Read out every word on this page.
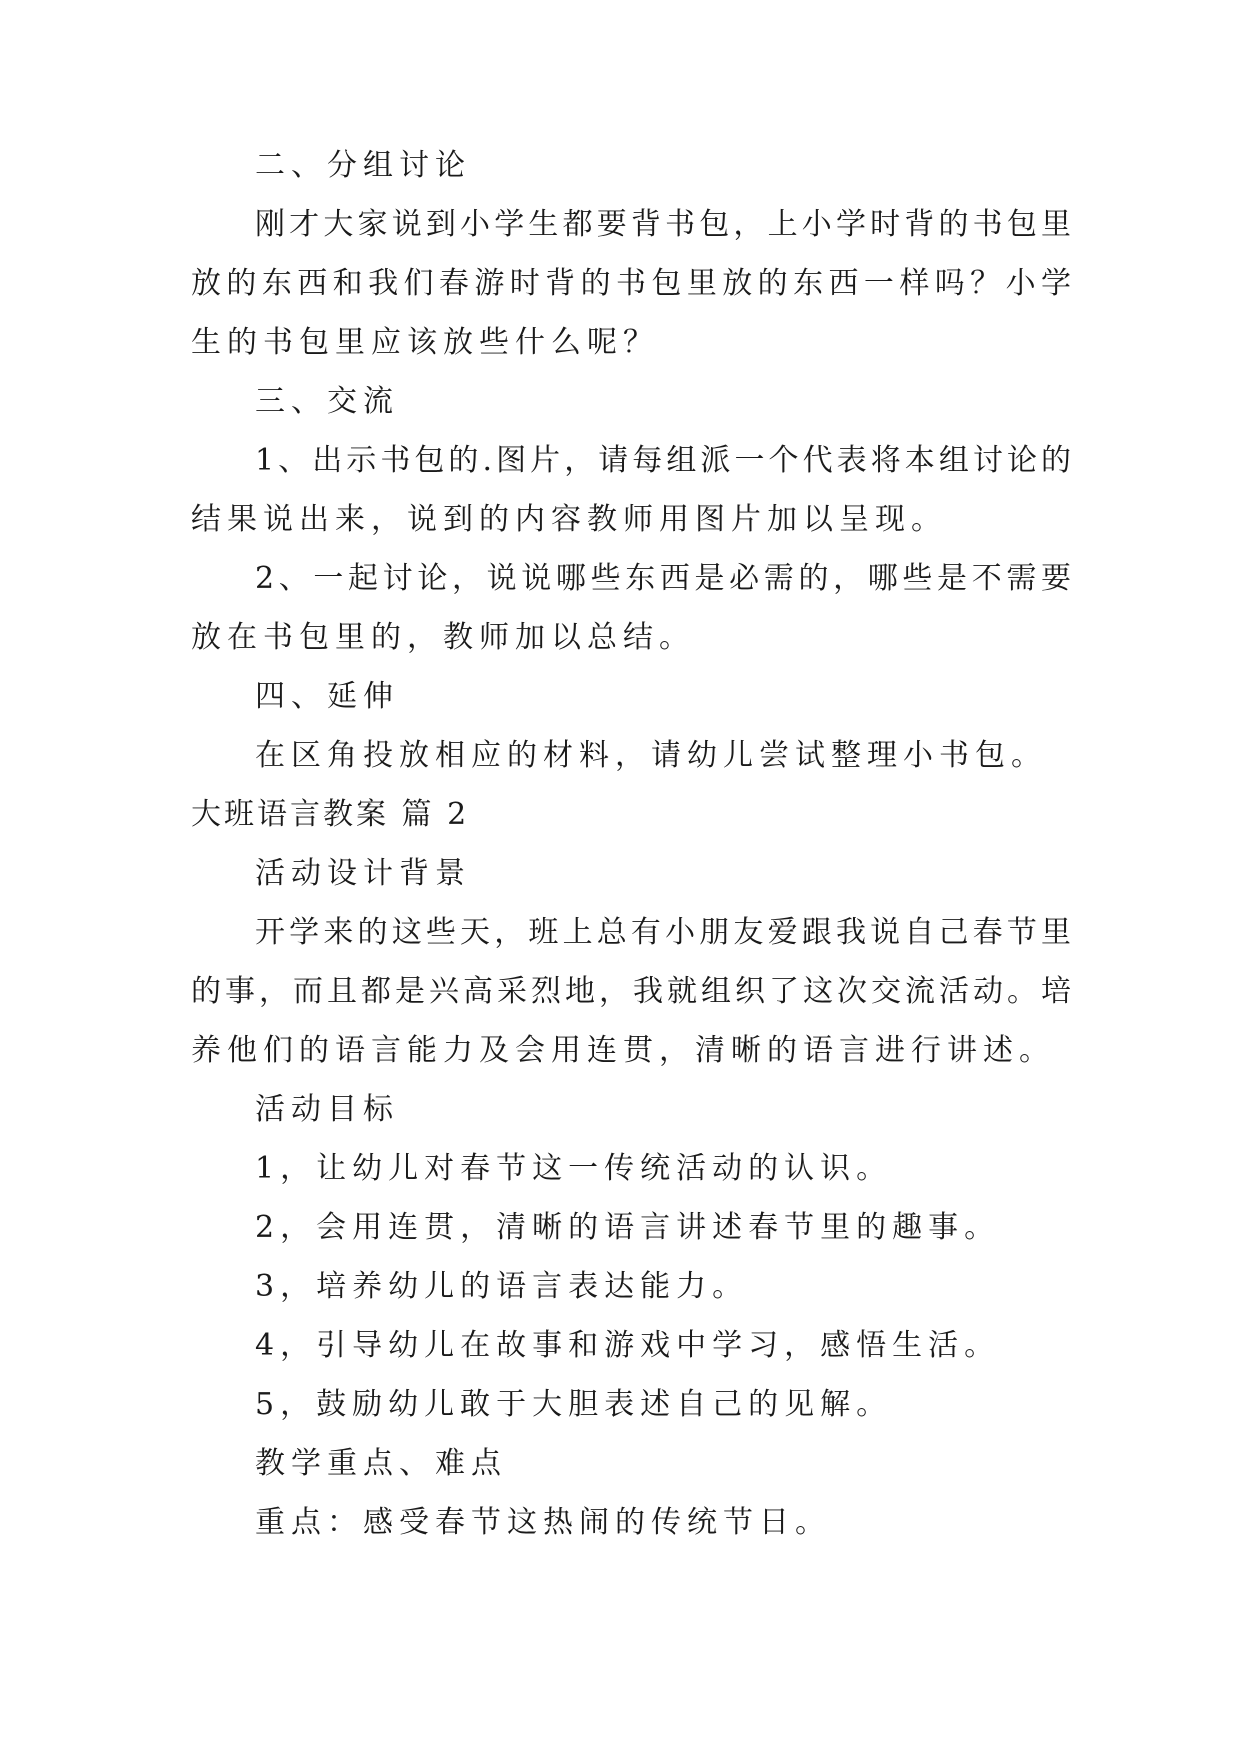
二、分组讨论
刚才大家说到小学生都要背书包，上小学时背的书包里
放的东西和我们春游时背的书包里放的东西一样吗？小学
生的书包里应该放些什么呢？
三、交流
1、出示书包的.图片，请每组派一个代表将本组讨论的
结果说出来，说到的内容教师用图片加以呈现。
2、一起讨论，说说哪些东西是必需的，哪些是不需要
放在书包里的，教师加以总结。
四、延伸
在区角投放相应的材料，请幼儿尝试整理小书包。
大班语言教案 篇 2
活动设计背景
开学来的这些天，班上总有小朋友爱跟我说自己春节里
的事，而且都是兴高采烈地，我就组织了这次交流活动。培
养他们的语言能力及会用连贯，清晰的语言进行讲述。
活动目标
1，让幼儿对春节这一传统活动的认识。
2，会用连贯，清晰的语言讲述春节里的趣事。
3，培养幼儿的语言表达能力。
4，引导幼儿在故事和游戏中学习，感悟生活。
5，鼓励幼儿敢于大胆表述自己的见解。
教学重点、难点
重点：感受春节这热闹的传统节日。
